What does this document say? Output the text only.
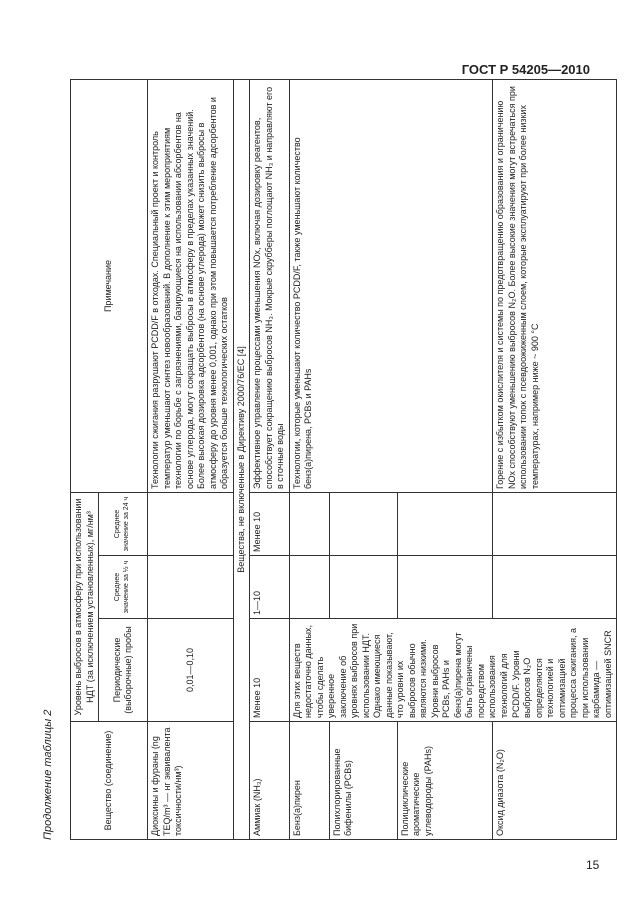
ГОСТ Р 54205—2010
Продолжение таблицы 2	Вещество (соединение)	Уровень выбросов в атмосферу при использовании НДТ (за исключением установленных), мг/нм³			Примечание
	Периодические (выборочные) пробы	Среднее значение за ½ ч	Среднее значение за 24 ч	
Диоксины и фураны (ng TEQ/m³ — нг эквивалента токсичности/нм³)	0,01—0,10			Технологии сжигания разрушают PCDD/F в отходах. Специальный проект и контроль температур уменьшают синтез новообразований. В дополнение к этим мероприятиям технологии по борьбе с загрязнениями, базирующиеся на использовании абсорбентов на основе углерода, могут сокращать выбросы в атмосферу в пределах указанных значений. Более высокая дозировка адсорбентов (на основе углерода) может снизить выбросы в атмосферу до уровня менее 0,001, однако при этом повышается потребление адсорбентов и образуется больше технологических остатков
Вещества, не включенные в Директиву 2000/76/ЕС [4]				
Аммиак (NH₃)	Менее 10	1—10	Менее 10	Эффективное управление процессами уменьшения NOx, включая дозировку реагентов, способствует сокращению выбросов NH₃. Мокрые скрубберы поглощают NH₃ и направляют его в сточные воды
Бенз(а)пирен	Для этих веществ недостаточно данных, чтобы сделать уверенное заключение об уровнях выбросов при использовании НДТ. Однако имеющиеся данные показывают, что уровни их выбросов обычно являются низкими. Уровни выбросов PCBs, PAHs и бенз(а)пирена могут быть ограничены посредством использования технологий для PCDD/F. Уровни выбросов N₂O определяются технологией и оптимизацией процесса сжигания, а при использовании карбамида — оптимизацией SNCR			Технологии, которые уменьшают количество PCDD/F, также уменьшают количество бенз(а)пирена, PCBs и PAHs
Полихлорированные бифенилы (PCBs)				
Полициклические ароматические углеводороды (PAHs)				
Оксид диазота (N₂O)				Горение с избытком окислителя и системы по предотвращению образования и ограничению NOx способствуют уменьшению выбросов N₂O. Более высокие значения могут встречаться при использовании топок с псевдоожиженным слоем, которые эксплуатируют при более низких температурах, например ниже ~ 900 °С
15
